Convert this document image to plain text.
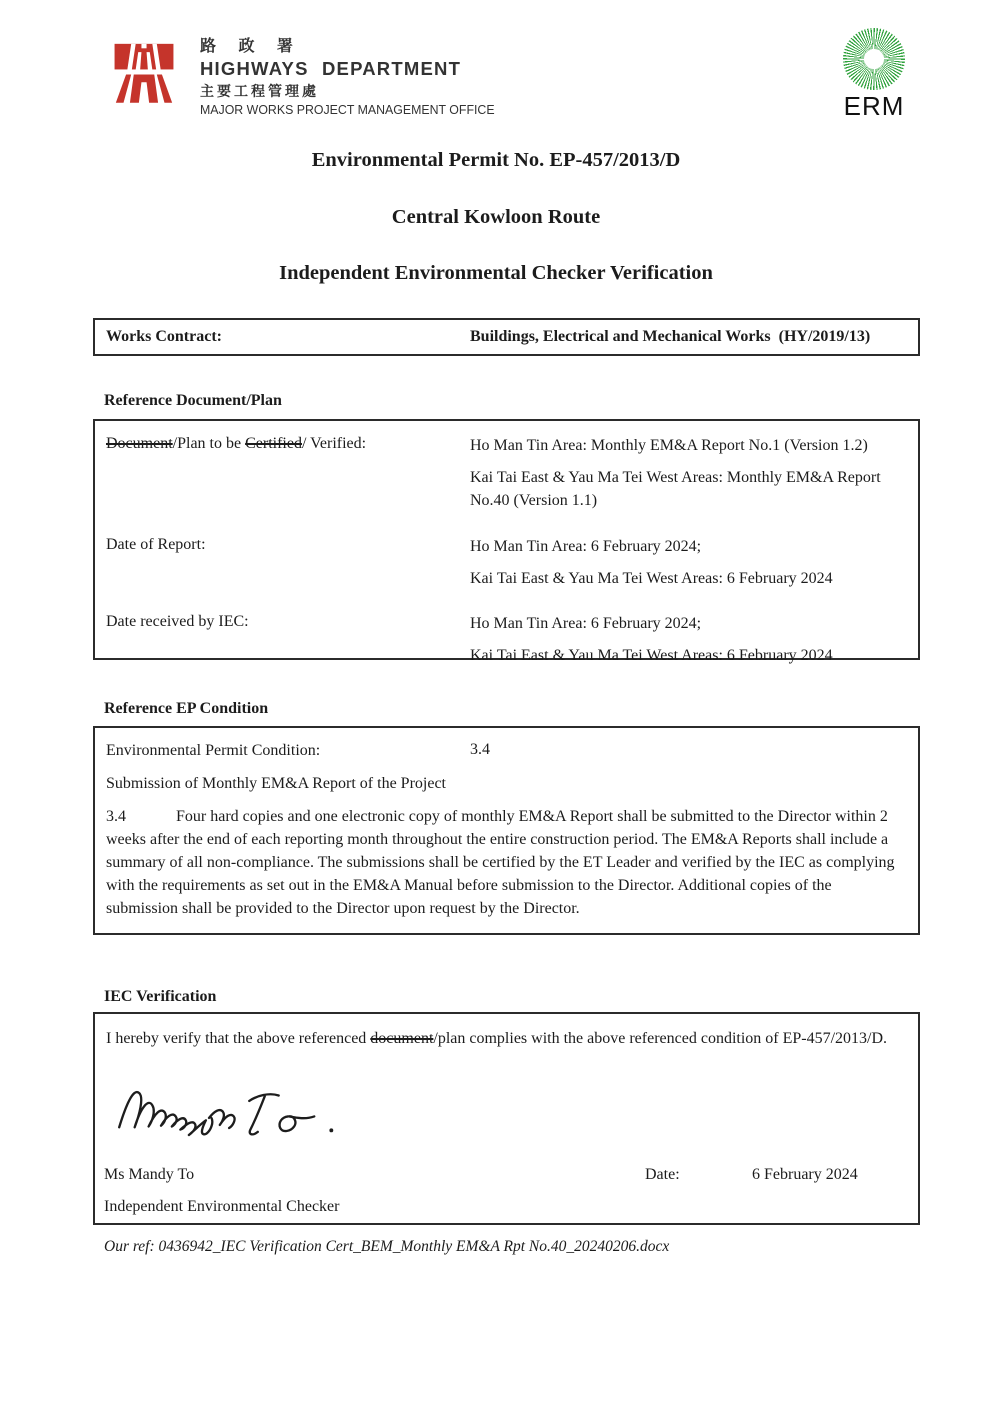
路 政 署
HIGHWAYS DEPARTMENT
主要工程管理處
MAJOR WORKS PROJECT MANAGEMENT OFFICE	ERM
Environmental Permit No. EP-457/2013/D
Central Kowloon Route
Independent Environmental Checker Verification
Works Contract:	Buildings, Electrical and Mechanical Works  (HY/2019/13)
Reference Document/Plan
Document/Plan to be Certified/ Verified:	Ho Man Tin Area: Monthly EM&A Report No.1 (Version 1.2)

Kai Tai East & Yau Ma Tei West Areas: Monthly EM&A Report No.40 (Version 1.1)

Date of Report:	Ho Man Tin Area: 6 February 2024;

Kai Tai East & Yau Ma Tei West Areas: 6 February 2024

Date received by IEC:	Ho Man Tin Area: 6 February 2024;

Kai Tai East & Yau Ma Tei West Areas: 6 February 2024

Reference EP Condition
Environmental Permit Condition:	3.4
Submission of Monthly EM&A Report of the Project
3.4	Four hard copies and one electronic copy of monthly EM&A Report shall be submitted to the Director within 2 weeks after the end of each reporting month throughout the entire construction period. The EM&A Reports shall include a summary of all non-compliance. The submissions shall be certified by the ET Leader and verified by the IEC as complying with the requirements as set out in the EM&A Manual before submission to the Director. Additional copies of the submission shall be provided to the Director upon request by the Director.
IEC Verification
I hereby verify that the above referenced document/plan complies with the above referenced condition of EP-457/2013/D.
Ms Mandy To	Date:	6 February 2024
Independent Environmental Checker
Our ref: 0436942_IEC Verification Cert_BEM_Monthly EM&A Rpt No.40_20240206.docx
